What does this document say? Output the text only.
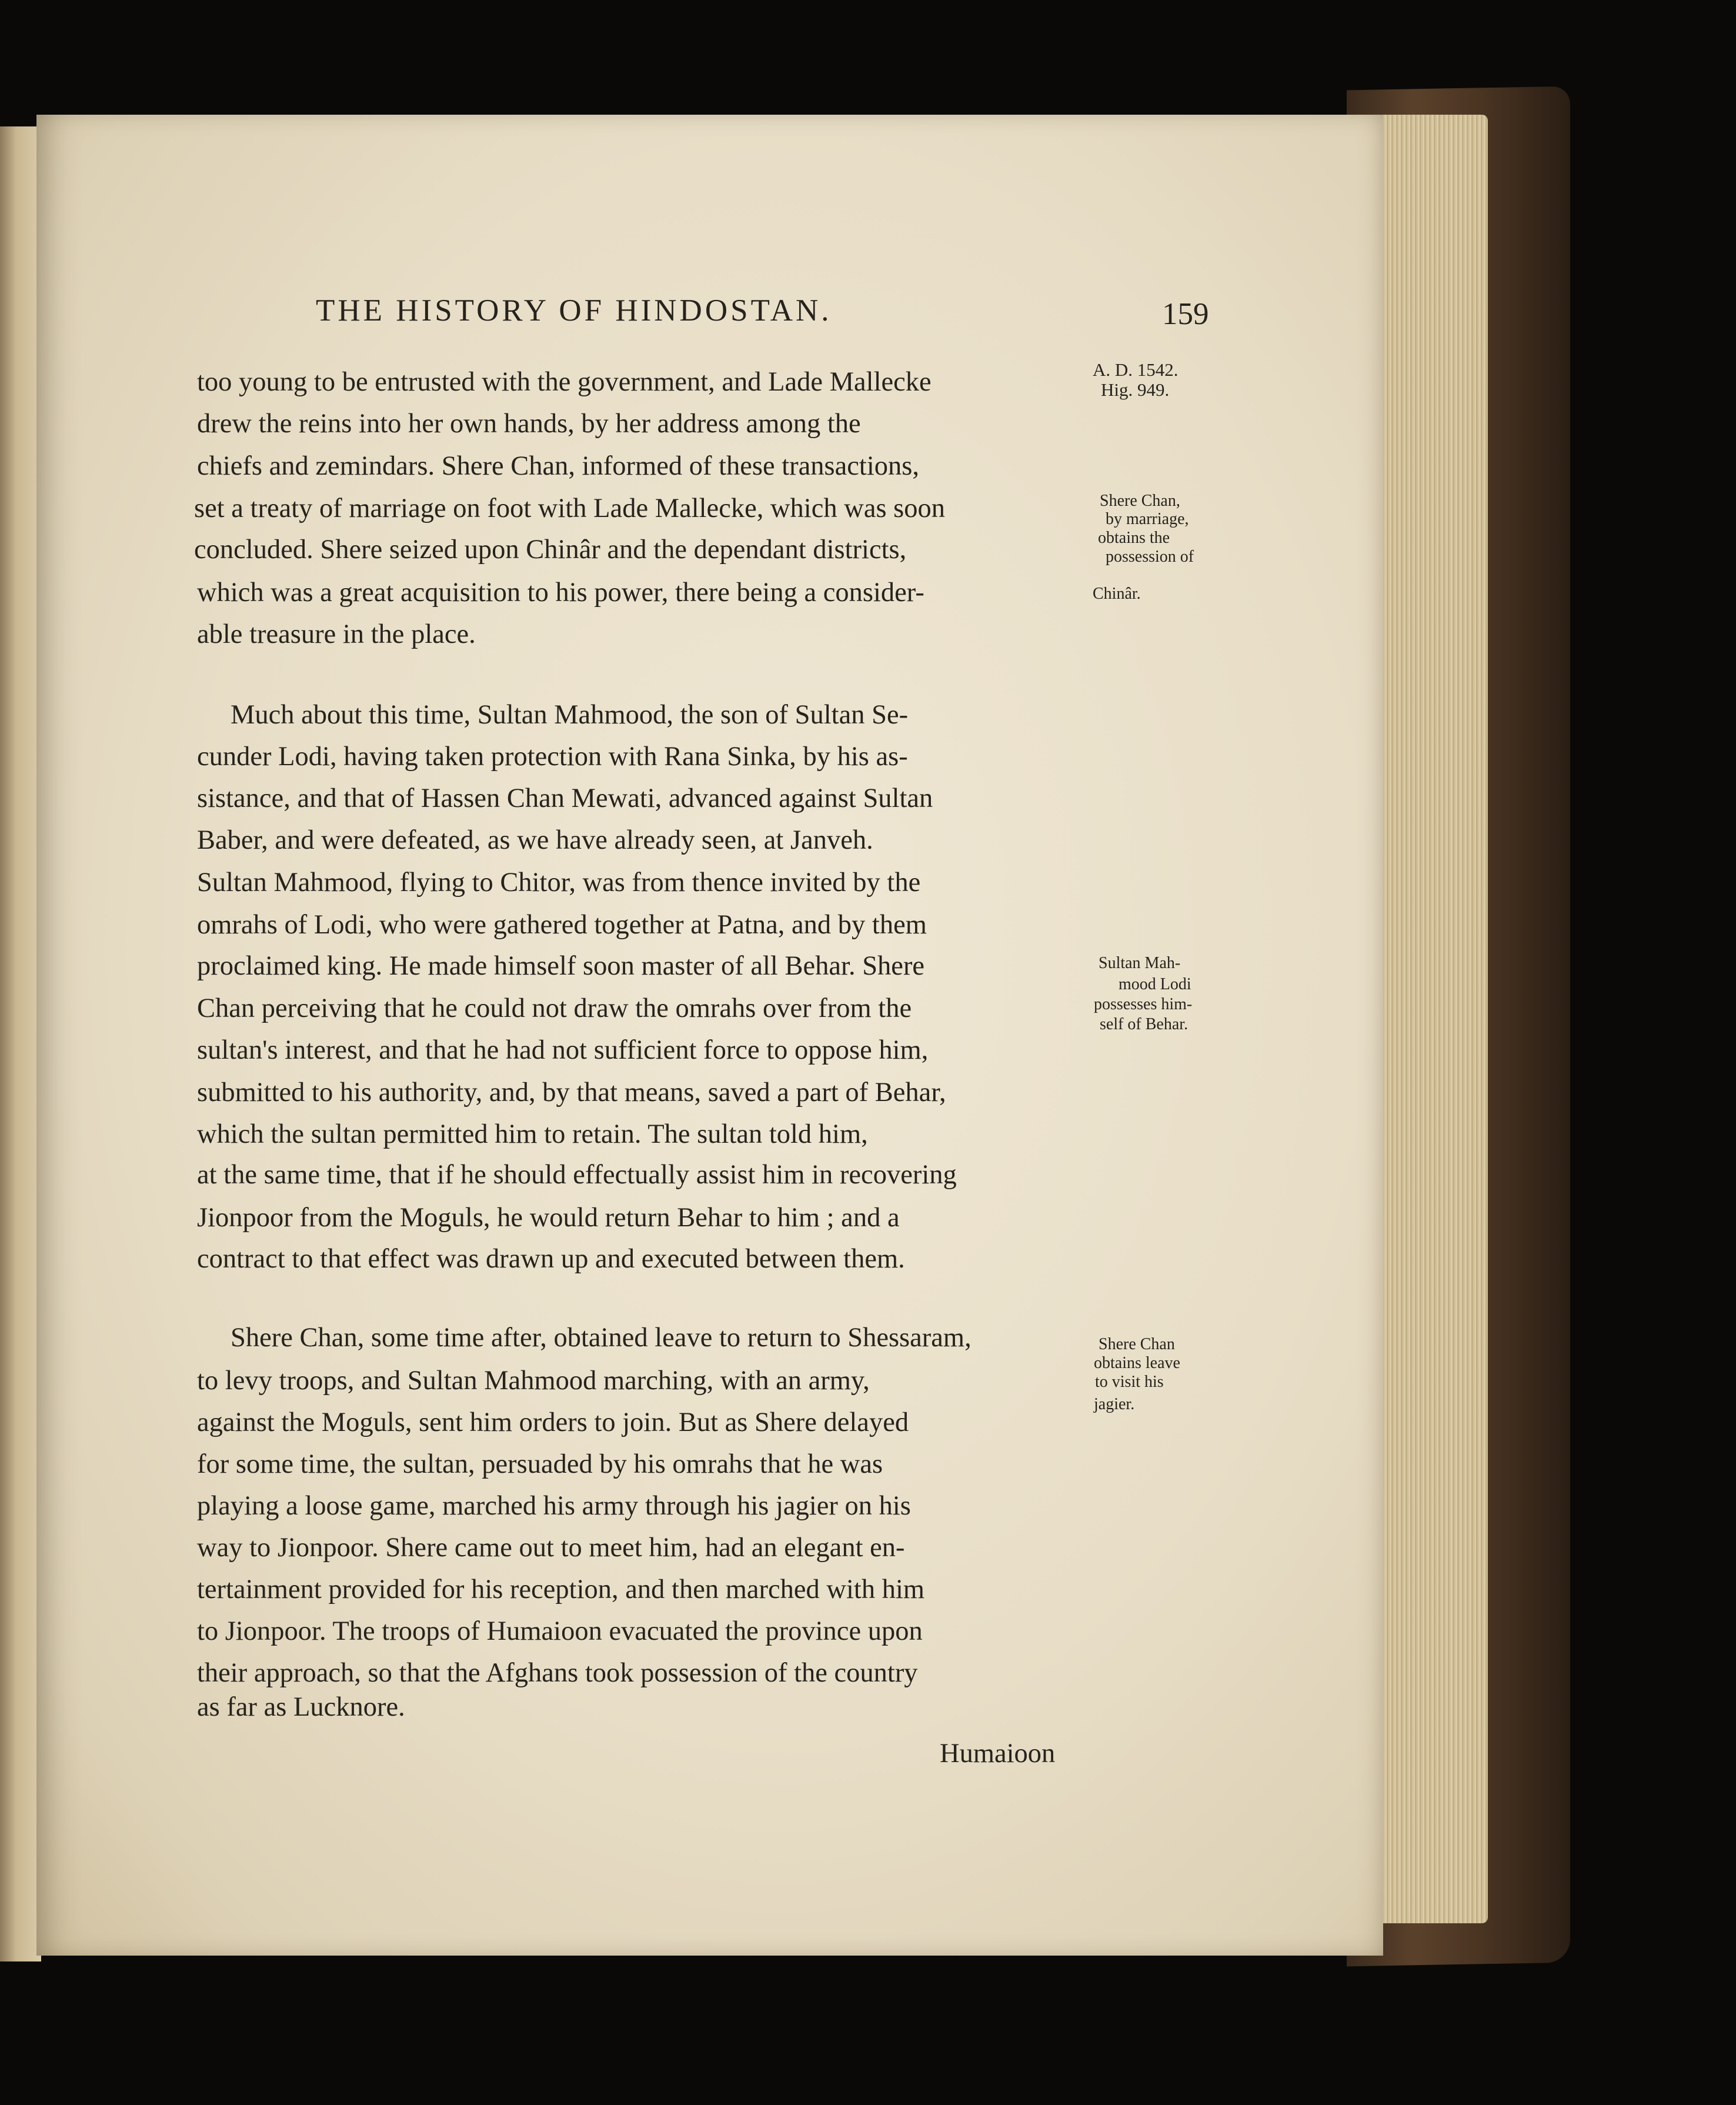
THE HISTORY OF HINDOSTAN.	159
A. D. 1542.
Hig. 949.
Shere Chan,
by marriage,
obtains the
possession of
Chinâr.
Sultan Mah-
mood Lodi
possesses him-
self of Behar.
Shere Chan
obtains leave
to visit his
jagier.
too young to be entrusted with the government, and Lade Mallecke
drew the reins into her own hands, by her address among the
chiefs and zemindars. Shere Chan, informed of these transactions,
set a treaty of marriage on foot with Lade Mallecke, which was soon
concluded. Shere seized upon Chinâr and the dependant districts,
which was a great acquisition to his power, there being a consider-
able treasure in the place.
Much about this time, Sultan Mahmood, the son of Sultan Se-
cunder Lodi, having taken protection with Rana Sinka, by his as-
sistance, and that of Hassen Chan Mewati, advanced against Sultan
Baber, and were defeated, as we have already seen, at Janveh.
Sultan Mahmood, flying to Chitor, was from thence invited by the
omrahs of Lodi, who were gathered together at Patna, and by them
proclaimed king. He made himself soon master of all Behar. Shere
Chan perceiving that he could not draw the omrahs over from the
sultan's interest, and that he had not sufficient force to oppose him,
submitted to his authority, and, by that means, saved a part of Behar,
which the sultan permitted him to retain. The sultan told him,
at the same time, that if he should effectually assist him in recovering
Jionpoor from the Moguls, he would return Behar to him ; and a
contract to that effect was drawn up and executed between them.
Shere Chan, some time after, obtained leave to return to Shessaram,
to levy troops, and Sultan Mahmood marching, with an army,
against the Moguls, sent him orders to join. But as Shere delayed
for some time, the sultan, persuaded by his omrahs that he was
playing a loose game, marched his army through his jagier on his
way to Jionpoor. Shere came out to meet him, had an elegant en-
tertainment provided for his reception, and then marched with him
to Jionpoor. The troops of Humaioon evacuated the province upon
their approach, so that the Afghans took possession of the country
as far as Lucknore.
Humaioon
